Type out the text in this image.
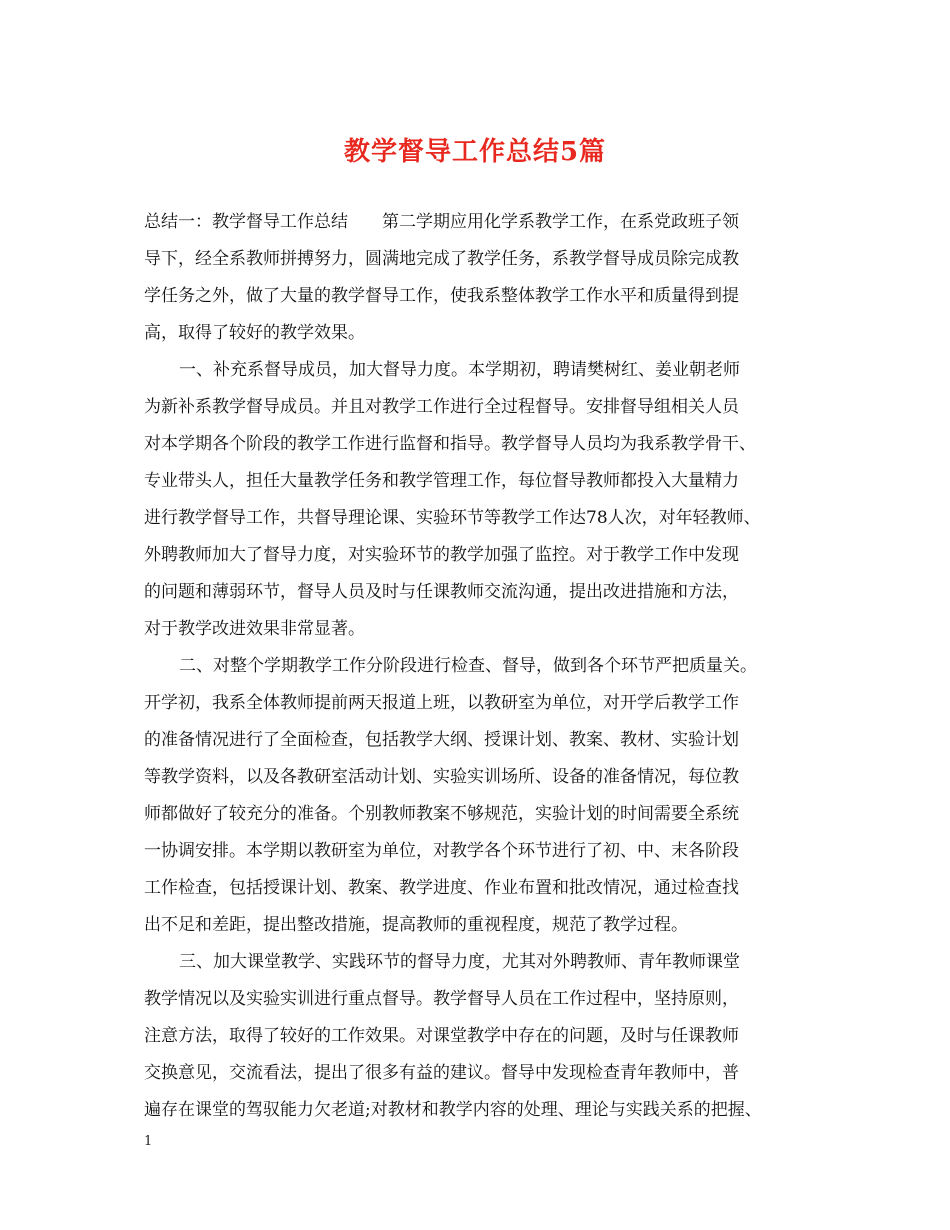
教学督导工作总结5篇
总结一：教学督导工作总结　　第二学期应用化学系教学工作，在系党政班子领
导下，经全系教师拼搏努力，圆满地完成了教学任务，系教学督导成员除完成教
学任务之外，做了大量的教学督导工作，使我系整体教学工作水平和质量得到提
高，取得了较好的教学效果。
一、补充系督导成员，加大督导力度。本学期初，聘请樊树红、姜业朝老师
为新补系教学督导成员。并且对教学工作进行全过程督导。安排督导组相关人员
对本学期各个阶段的教学工作进行监督和指导。教学督导人员均为我系教学骨干、
专业带头人，担任大量教学任务和教学管理工作，每位督导教师都投入大量精力
进行教学督导工作，共督导理论课、实验环节等教学工作达78人次，对年轻教师、
外聘教师加大了督导力度，对实验环节的教学加强了监控。对于教学工作中发现
的问题和薄弱环节，督导人员及时与任课教师交流沟通，提出改进措施和方法，
对于教学改进效果非常显著。
二、对整个学期教学工作分阶段进行检查、督导，做到各个环节严把质量关。
开学初，我系全体教师提前两天报道上班，以教研室为单位，对开学后教学工作
的准备情况进行了全面检查，包括教学大纲、授课计划、教案、教材、实验计划
等教学资料，以及各教研室活动计划、实验实训场所、设备的准备情况，每位教
师都做好了较充分的准备。个别教师教案不够规范，实验计划的时间需要全系统
一协调安排。本学期以教研室为单位，对教学各个环节进行了初、中、末各阶段
工作检查，包括授课计划、教案、教学进度、作业布置和批改情况，通过检查找
出不足和差距，提出整改措施，提高教师的重视程度，规范了教学过程。
三、加大课堂教学、实践环节的督导力度，尤其对外聘教师、青年教师课堂
教学情况以及实验实训进行重点督导。教学督导人员在工作过程中，坚持原则，
注意方法，取得了较好的工作效果。对课堂教学中存在的问题，及时与任课教师
交换意见，交流看法，提出了很多有益的建议。督导中发现检查青年教师中，普
遍存在课堂的驾驭能力欠老道;对教材和教学内容的处理、理论与实践关系的把握、
1
